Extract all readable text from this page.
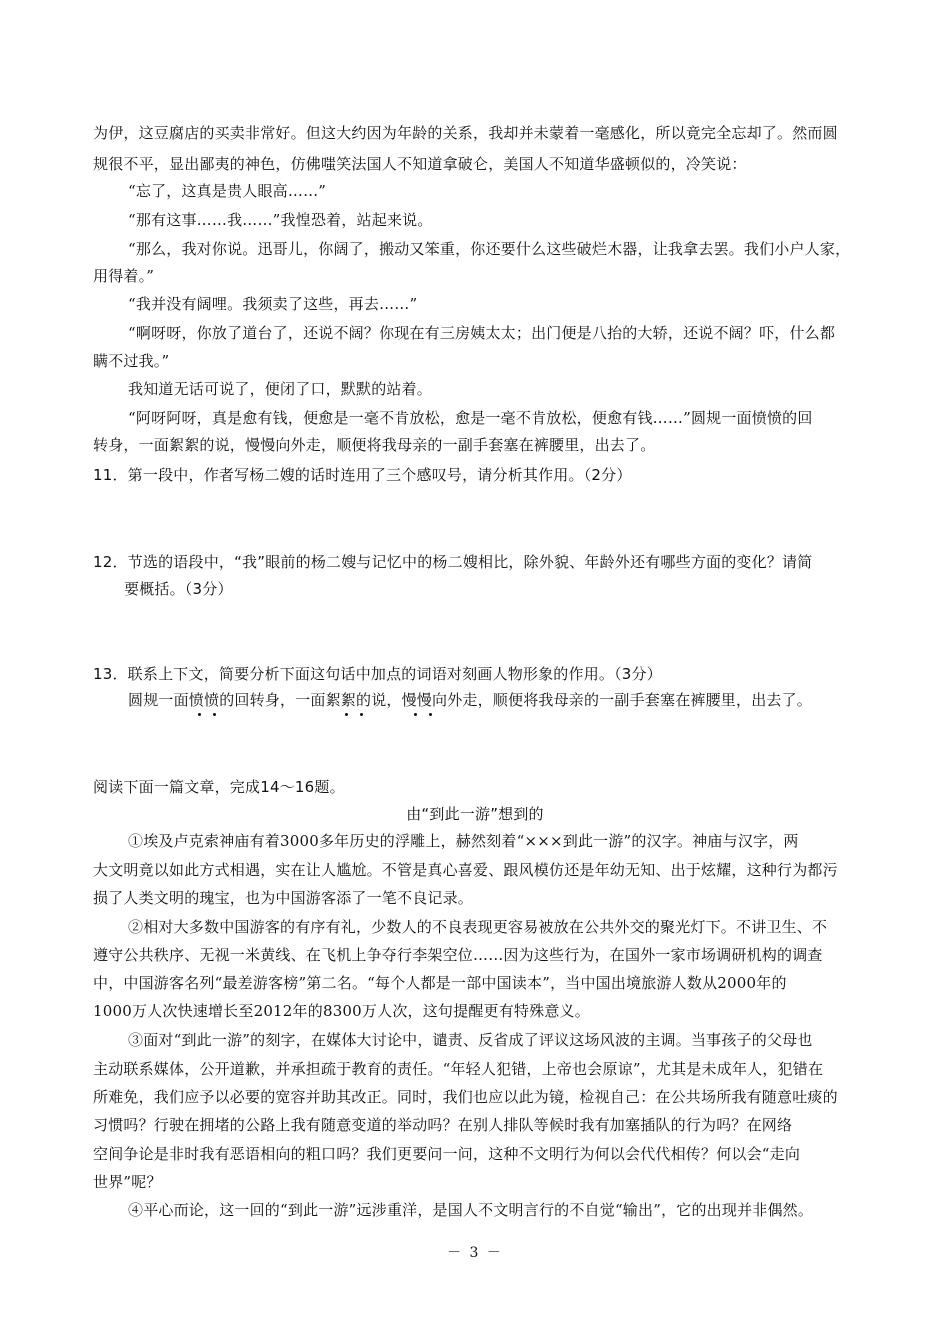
为伊，这豆腐店的买卖非常好。但这大约因为年龄的关系，我却并未蒙着一毫感化，所以竟完全忘却了。然而圆
规很不平，显出鄙夷的神色，仿佛嗤笑法国人不知道拿破仑，美国人不知道华盛顿似的，冷笑说：
“忘了，这真是贵人眼高……”
“那有这事……我……”我惶恐着，站起来说。
“那么，我对你说。迅哥儿，你阔了，搬动又笨重，你还要什么这些破烂木器，让我拿去罢。我们小户人家，
用得着。”
“我并没有阔哩。我须卖了这些，再去……”
“啊呀呀，你放了道台了，还说不阔？你现在有三房姨太太；出门便是八抬的大轿，还说不阔？吓，什么都
瞒不过我。”
我知道无话可说了，便闭了口，默默的站着。
“阿呀阿呀，真是愈有钱，便愈是一毫不肯放松，愈是一毫不肯放松，便愈有钱……”圆规一面愤愤的回
转身，一面絮絮的说，慢慢向外走，顺便将我母亲的一副手套塞在裤腰里，出去了。
11．第一段中，作者写杨二嫂的话时连用了三个感叹号，请分析其作用。（2分）
12．节选的语段中，“我”眼前的杨二嫂与记忆中的杨二嫂相比，除外貌、年龄外还有哪些方面的变化？请简
要概括。（3分）
13．联系上下文，简要分析下面这句话中加点的词语对刻画人物形象的作用。（3分）
圆规一面愤愤的回转身，一面絮絮的说，慢慢向外走，顺便将我母亲的一副手套塞在裤腰里，出去了。
阅读下面一篇文章，完成14～16题。
由“到此一游”想到的
①埃及卢克索神庙有着3000多年历史的浮雕上，赫然刻着“×××到此一游”的汉字。神庙与汉字，两
大文明竟以如此方式相遇，实在让人尴尬。不管是真心喜爱、跟风模仿还是年幼无知、出于炫耀，这种行为都污
损了人类文明的瑰宝，也为中国游客添了一笔不良记录。
②相对大多数中国游客的有序有礼，少数人的不良表现更容易被放在公共外交的聚光灯下。不讲卫生、不
遵守公共秩序、无视一米黄线、在飞机上争夺行李架空位……因为这些行为，在国外一家市场调研机构的调查
中，中国游客名列“最差游客榜”第二名。“每个人都是一部中国读本”，当中国出境旅游人数从2000年的
1000万人次快速增长至2012年的8300万人次，这句提醒更有特殊意义。
③面对“到此一游”的刻字，在媒体大讨论中，谴责、反省成了评议这场风波的主调。当事孩子的父母也
主动联系媒体，公开道歉，并承担疏于教育的责任。“年轻人犯错，上帝也会原谅”，尤其是未成年人，犯错在
所难免，我们应予以必要的宽容并助其改正。同时，我们也应以此为镜，检视自己：在公共场所我有随意吐痰的
习惯吗？行驶在拥堵的公路上我有随意变道的举动吗？在别人排队等候时我有加塞插队的行为吗？在网络
空间争论是非时我有恶语相向的粗口吗？我们更要问一问，这种不文明行为何以会代代相传？何以会“走向
世界”呢？
④平心而论，这一回的“到此一游”远涉重洋，是国人不文明言行的不自觉“输出”，它的出现并非偶然。
－ 3 －
